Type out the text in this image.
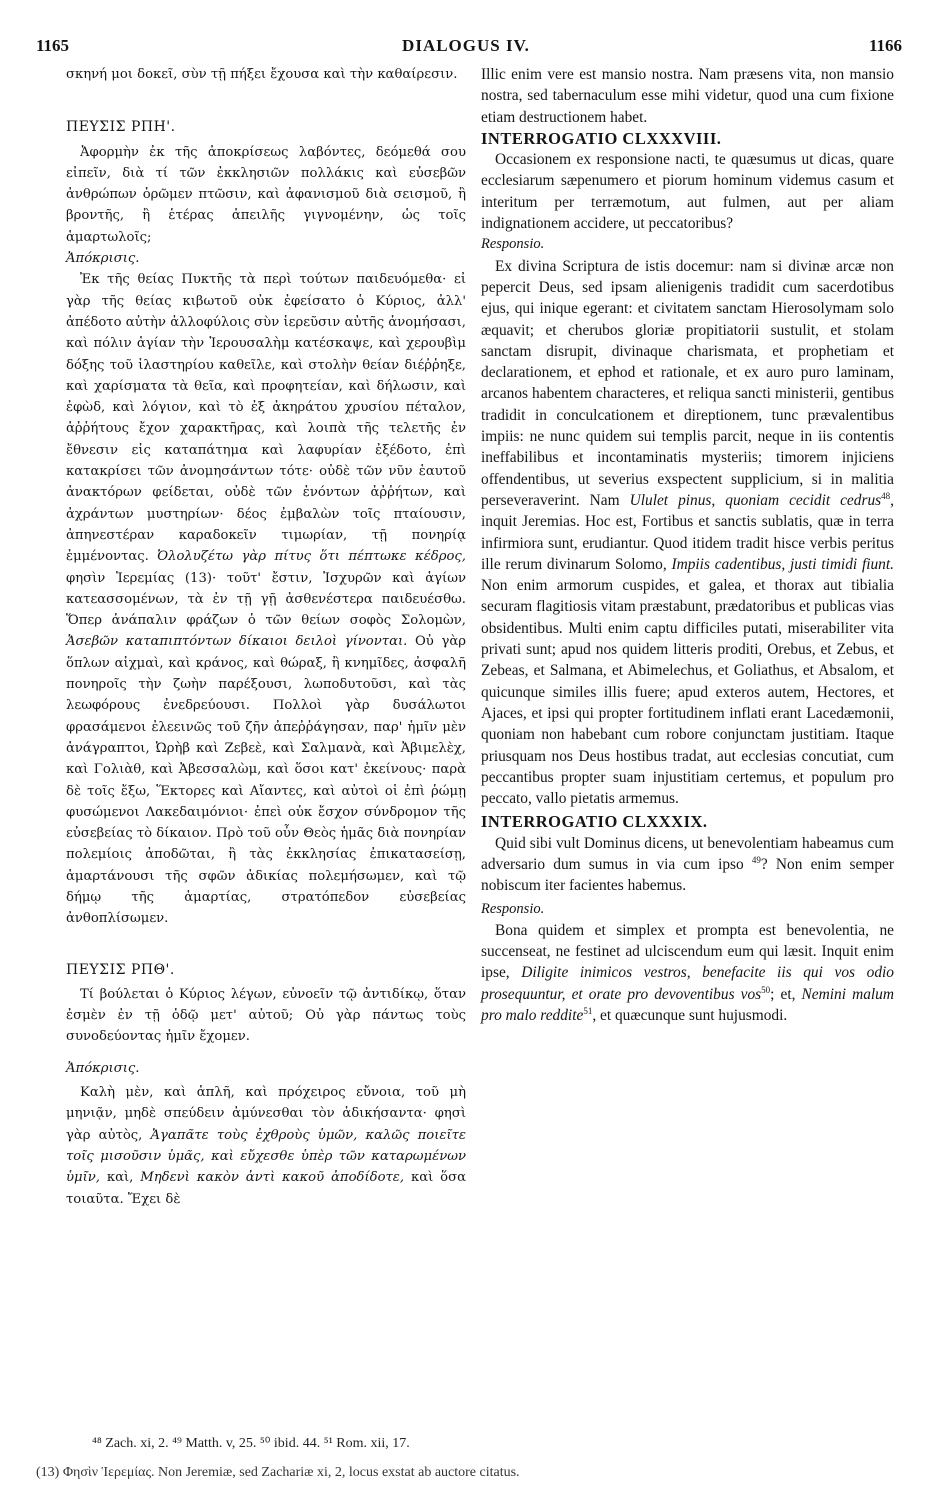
1165	DIALOGUS IV.	1166

σκηνή μοι δοκεῖ, σὺν τῇ πήξει ἔχουσα καὶ τὴν καθαίρεσιν.

ΠΕΥΣΙΣ ΡΠΗ'.

Ἀφορμὴν ἐκ τῆς ἀποκρίσεως λαβόντες, δεόμεθά σου εἰπεῖν, διὰ τί τῶν ἐκκλησιῶν πολλάκις καὶ εὐσεβῶν ἀνθρώπων ὁρῶμεν πτῶσιν, καὶ ἀφανισμοῦ διὰ σεισμοῦ, ἢ βροντῆς, ἢ ἑτέρας ἀπειλῆς γιγνομένην, ὡς τοῖς ἁμαρτωλοῖς;

Ἀπόκρισις.

Ἐκ τῆς θείας Πυκτῆς τὰ περὶ τούτων παιδευόμεθα· εἰ γὰρ τῆς θείας κιβωτοῦ οὐκ ἐφείσατο ὁ Κύριος, ἀλλ' ἀπέδοτο αὐτὴν ἀλλοφύλοις σὺν ἱερεῦσιν αὐτῆς ἀνομήσασι, καὶ πόλιν ἁγίαν τὴν Ἱερουσαλὴμ κατέσκαψε, καὶ χερουβὶμ δόξης τοῦ ἱλαστηρίου καθεῖλε, καὶ στολὴν θείαν διέῤῥηξε, καὶ χαρίσματα τὰ θεῖα, καὶ προφητείαν, καὶ δήλωσιν, καὶ ἐφὼδ, καὶ λόγιον, καὶ τὸ ἐξ ἀκηράτου χρυσίου πέταλον, ἀῤῥήτους ἔχον χαρακτῆρας, καὶ λοιπὰ τῆς τελετῆς ἐν ἔθνεσιν εἰς καταπάτημα καὶ λαφυρίαν ἐξέδοτο, ἐπὶ κατακρίσει τῶν ἀνομησάντων τότε· οὐδὲ τῶν νῦν ἑαυτοῦ ἀνακτόρων φείδεται, οὐδὲ τῶν ἐνόντων ἀῤῥήτων, καὶ ἀχράντων μυστηρίων· δέος ἐμβαλὼν τοῖς πταίουσιν, ἀπηνεστέραν καραδοκεῖν τιμωρίαν, τῇ πονηρίᾳ ἐμμένοντας. Ὀλολυζέτω γὰρ πίτυς ὅτι πέπτωκε κέδρος, φησὶν Ἱερεμίας (13)· τοῦτ' ἔστιν, Ἰσχυρῶν καὶ ἁγίων κατεασσομένων, τὰ ἐν τῇ γῇ ἀσθενέστερα παιδευέσθω. Ὅπερ ἀνάπαλιν φράζων ὁ τῶν θείων σοφὸς Σολομὼν, Ἀσεβῶν καταπιπτόντων δίκαιοι δειλοὶ γίνονται. Οὐ γὰρ ὅπλων αἰχμαὶ, καὶ κράνος, καὶ θώραξ, ἢ κνημῖδες, ἀσφαλῆ πονηροῖς τὴν ζωὴν παρέξουσι, λωποδυτοῦσι, καὶ τὰς λεωφόρους ἐνεδρεύουσι. Πολλοὶ γὰρ δυσάλωτοι φρασάμενοι ἐλεεινῶς τοῦ ζῆν ἀπεῤῥάγησαν, παρ' ἡμῖν μὲν ἀνάγραπτοι, Ὠρὴβ καὶ Ζεβεὲ, καὶ Σαλμανὰ, καὶ Ἀβιμελὲχ, καὶ Γολιὰθ, καὶ Ἀβεσσαλὼμ, καὶ ὅσοι κατ' ἐκείνους· παρὰ δὲ τοῖς ἔξω, Ἕκτορες καὶ Αἴαντες, καὶ αὐτοὶ οἱ ἐπὶ ῥώμῃ φυσώμενοι Λακεδαιμόνιοι· ἐπεὶ οὐκ ἔσχον σύνδρομον τῆς εὐσεβείας τὸ δίκαιον. Πρὸ τοῦ οὖν Θεὸς ἡμᾶς διὰ πονηρίαν πολεμίοις ἀποδῶται, ἢ τὰς ἐκκλησίας ἐπικατασείσῃ, ἁμαρτάνουσι τῆς σφῶν ἀδικίας πολεμήσωμεν, καὶ τῷ δήμῳ τῆς ἁμαρτίας, στρατόπεδον εὐσεβείας ἀνθοπλίσωμεν.

ΠΕΥΣΙΣ ΡΠΘ'.

Τί βούλεται ὁ Κύριος λέγων, εὐνοεῖν τῷ ἀντιδίκῳ, ὅταν ἐσμὲν ἐν τῇ ὁδῷ μετ' αὐτοῦ; Οὐ γὰρ πάντως τοὺς συνοδεύοντας ἡμῖν ἔχομεν.

Ἀπόκρισις.

Καλὴ μὲν, καὶ ἁπλῆ, καὶ πρόχειρος εὔνοια, τοῦ μὴ μηνιᾷν, μηδὲ σπεύδειν ἀμύνεσθαι τὸν ἀδικήσαντα· φησὶ γὰρ αὐτὸς, Ἀγαπᾶτε τοὺς ἐχθροὺς ὑμῶν, καλῶς ποιεῖτε τοῖς μισοῦσιν ὑμᾶς, καὶ εὔχεσθε ὑπὲρ τῶν καταρωμένων ὑμῖν, καὶ, Μηδενὶ κακὸν ἀντὶ κακοῦ ἀποδίδοτε, καὶ ὅσα τοιαῦτα. Ἔχει δὲ

Illic enim vere est mansio nostra. Nam præsens vita, non mansio nostra, sed tabernaculum esse mihi videtur, quod una cum fixione etiam destructionem habet.

INTERROGATIO CLXXXVIII.

Occasionem ex responsione nacti, te quæsumus ut dicas, quare ecclesiarum sæpenumero et piorum hominum videmus casum et interitum per terræmotum, aut fulmen, aut per aliam indignationem accidere, ut peccatoribus?

Responsio.

Ex divina Scriptura de istis docemur: nam si divinæ arcæ non pepercit Deus, sed ipsam alienigenis tradidit cum sacerdotibus ejus, qui inique egerant: et civitatem sanctam Hierosolymam solo æquavit; et cherubos gloriæ propitiatorii sustulit, et stolam sanctam disrupit, divinaque charismata, et prophetiam et declarationem, et ephod et rationale, et ex auro puro laminam, arcanos habentem characteres, et reliqua sancti ministerii, gentibus tradidit in conculcationem et direptionem, tunc prævalentibus impiis: ne nunc quidem sui templis parcit, neque in iis contentis ineffabilibus et incontaminatis mysteriis; timorem injiciens offendentibus, ut severius exspectent supplicium, si in malitia perseveraverint. Nam Ululet pinus, quoniam cecidit cedrus$^{48}$, inquit Jeremias. Hoc est, Fortibus et sanctis sublatis, quæ in terra infirmiora sunt, erudiantur. Quod itidem tradit hisce verbis peritus ille rerum divinarum Solomo, Impiis cadentibus, justi timidi fiunt. Non enim armorum cuspides, et galea, et thorax aut tibialia securam flagitiosis vitam præstabunt, prædatoribus et publicas vias obsidentibus. Multi enim captu difficiles putati, miserabiliter vita privati sunt; apud nos quidem litteris proditi, Orebus, et Zebus, et Zebeas, et Salmana, et Abimelechus, et Goliathus, et Absalom, et quicunque similes illis fuere; apud exteros autem, Hectores, et Ajaces, et ipsi qui propter fortitudinem inflati erant Lacedæmonii, quoniam non habebant cum robore conjunctam justitiam. Itaque priusquam nos Deus hostibus tradat, aut ecclesias concutiat, cum peccantibus propter suam injustitiam certemus, et populum pro peccato, vallo pietatis armemus.

INTERROGATIO CLXXXIX.

Quid sibi vult Dominus dicens, ut benevolentiam habeamus cum adversario dum sumus in via cum ipso $^{49}$? Non enim semper nobiscum iter facientes habemus.

Responsio.

Bona quidem et simplex et prompta est benevolentia, ne succenseat, ne festinet ad ulciscendum eum qui læsit. Inquit enim ipse, Diligite inimicos vestros, benefacite iis qui vos odio prosequuntur, et orate pro devoventibus vos$^{50}$; et, Nemini malum pro malo reddite$^{51}$, et quæcunque sunt hujusmodi.

⁴⁸ Zach. xi, 2. ⁴⁹ Matth. v, 25. ⁵⁰ ibid. 44. ⁵¹ Rom. xii, 17.
(13) Φησὶν Ἱερεμίας. Non Jeremiæ, sed Zachariæ xi, 2, locus exstat ab auctore citatus.
